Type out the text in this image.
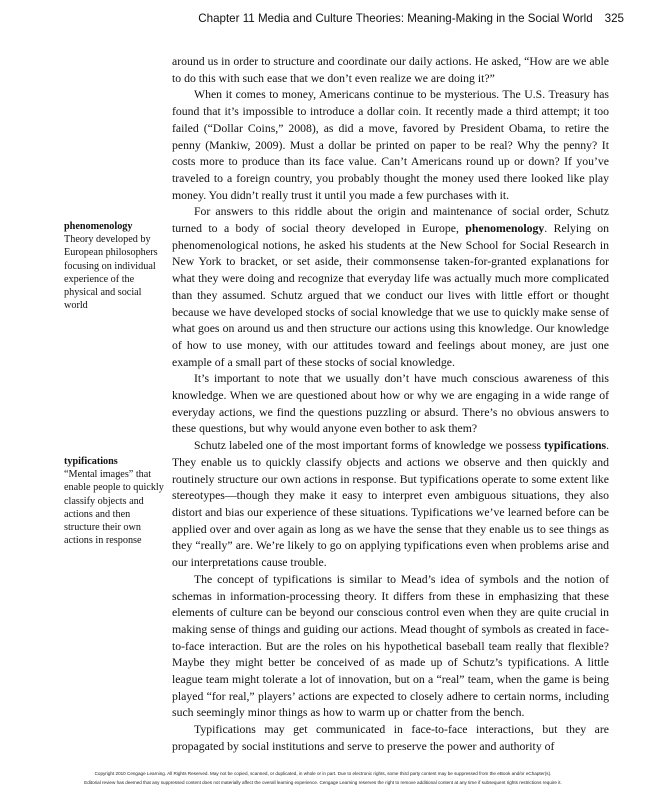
Chapter 11 Media and Culture Theories: Meaning-Making in the Social World 325
phenomenology
Theory developed by European philosophers focusing on individual experience of the physical and social world
typifications
“Mental images” that enable people to quickly classify objects and actions and then structure their own actions in response

around us in order to structure and coordinate our daily actions. He asked, “How are we able to do this with such ease that we don’t even realize we are doing it?”

When it comes to money, Americans continue to be mysterious. The U.S. Treasury has found that it’s impossible to introduce a dollar coin. It recently made a third attempt; it too failed (“Dollar Coins,” 2008), as did a move, favored by President Obama, to retire the penny (Mankiw, 2009). Must a dollar be printed on paper to be real? Why the penny? It costs more to produce than its face value. Can’t Americans round up or down? If you’ve traveled to a foreign country, you probably thought the money used there looked like play money. You didn’t really trust it until you made a few purchases with it.

For answers to this riddle about the origin and maintenance of social order, Schutz turned to a body of social theory developed in Europe, phenomenology. Relying on phenomenological notions, he asked his students at the New School for Social Research in New York to bracket, or set aside, their commonsense taken-for-granted explanations for what they were doing and recognize that everyday life was actually much more complicated than they assumed. Schutz argued that we conduct our lives with little effort or thought because we have developed stocks of social knowledge that we use to quickly make sense of what goes on around us and then structure our actions using this knowledge. Our knowledge of how to use money, with our attitudes toward and feelings about money, are just one example of a small part of these stocks of social knowledge.

It’s important to note that we usually don’t have much conscious awareness of this knowledge. When we are questioned about how or why we are engaging in a wide range of everyday actions, we find the questions puzzling or absurd. There’s no obvious answers to these questions, but why would anyone even bother to ask them?

Schutz labeled one of the most important forms of knowledge we possess typifications. They enable us to quickly classify objects and actions we observe and then quickly and routinely structure our own actions in response. But typifications operate to some extent like stereotypes—though they make it easy to interpret even ambiguous situations, they also distort and bias our experience of these situations. Typifications we’ve learned before can be applied over and over again as long as we have the sense that they enable us to see things as they “really” are. We’re likely to go on applying typifications even when problems arise and our interpretations cause trouble.

The concept of typifications is similar to Mead’s idea of symbols and the notion of schemas in information-processing theory. It differs from these in emphasizing that these elements of culture can be beyond our conscious control even when they are quite crucial in making sense of things and guiding our actions. Mead thought of symbols as created in face-to-face interaction. But are the roles on his hypothetical baseball team really that flexible? Maybe they might better be conceived of as made up of Schutz’s typifications. A little league team might tolerate a lot of innovation, but on a “real” team, when the game is being played “for real,” players’ actions are expected to closely adhere to certain norms, including such seemingly minor things as how to warm up or chatter from the bench.

Typifications may get communicated in face-to-face interactions, but they are propagated by social institutions and serve to preserve the power and authority of

Copyright 2010 Cengage Learning. All Rights Reserved. May not be copied, scanned, or duplicated, in whole or in part. Due to electronic rights, some third party content may be suppressed from the eBook and/or eChapter(s).
Editorial review has deemed that any suppressed content does not materially affect the overall learning experience. Cengage Learning reserves the right to remove additional content at any time if subsequent rights restrictions require it.
